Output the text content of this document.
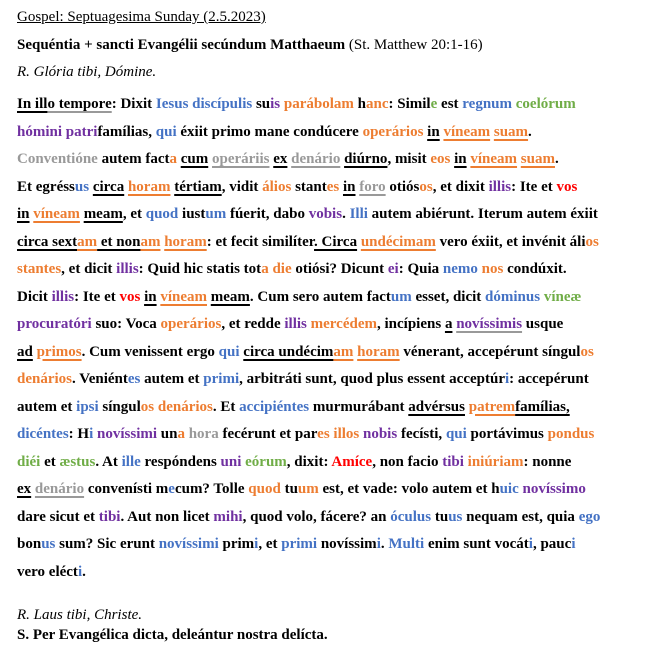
Gospel: Septuagesima Sunday (2.5.2023)
Sequéntia + sancti Evangélii secúndum Matthaeum (St. Matthew 20:1-16)
R. Glória tibi, Dómine.
In illo tempore: Dixit Iesus discípulis suis parábolam hanc: Simile est regnum coelórum
hómini patrifamílias, qui éxiit primo mane condúcere operários in víneam suam.
Conventióne autem facta cum operáriis ex denário diúrno, misit eos in víneam suam.
Et egréssus circa horam tértiam, vidit álios stantes in foro otiósos, et dixit illis: Ite et vos
in víneam meam, et quod iustum fúerit, dabo vobis. Illi autem abiérunt. Iterum autem éxiit
circa sextam et nonam horam: et fecit similíter. Circa undécimam vero éxiit, et invénit álios
stantes, et dicit illis: Quid hic statis tota die otiósi? Dicunt ei: Quia nemo nos condúxit.
Dicit illis: Ite et vos in víneam meam. Cum sero autem factum esset, dicit dóminus víneæ
procuratóri suo: Voca operários, et redde illis mercédem, incípiens a novíssimis usque
ad primos. Cum venissent ergo qui circa undécimam horam vénerant, accepérunt síngulos
denários. Veniéntes autem et primi, arbitráti sunt, quod plus essent acceptúri: accepérunt
autem et ipsi síngulos denários. Et accipiéntes murmurábant advérsus patremfamílias,
dicéntes: Hi novíssimi una hora fecérunt et pares illos nobis fecísti, qui portávimus pondus
diéi et æstus. At ille respóndens uni eórum, dixit: Amíce, non facio tibi iniúriam: nonne
ex denário convenísti mecum? Tolle quod tuum est, et vade: volo autem et huic novíssimo
dare sicut et tibi. Aut non licet mihi, quod volo, fácere? an óculus tuus nequam est, quia ego
bonus sum? Sic erunt novíssimi primi, et primi novíssimi. Multi enim sunt vocáti, pauci
vero elécti.
R. Laus tibi, Christe.
S. Per Evangélica dicta, deleántur nostra delícta.
